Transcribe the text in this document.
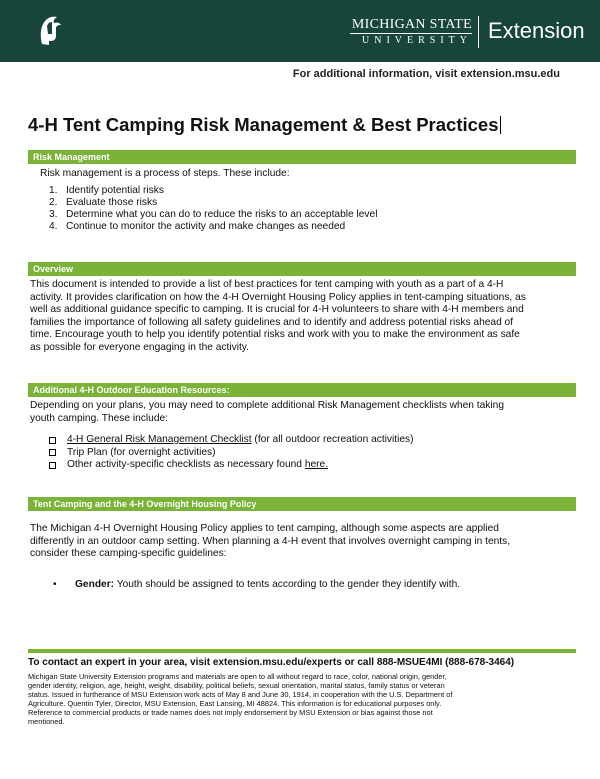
MICHIGAN STATE
UNIVERSITY Extension
For additional information, visit extension.msu.edu
4-H Tent Camping Risk Management & Best Practices
Risk Management
Risk management is a process of steps. These include:
1. Identify potential risks
2. Evaluate those risks
3. Determine what you can do to reduce the risks to an acceptable level
4. Continue to monitor the activity and make changes as needed
Overview
This document is intended to provide a list of best practices for tent camping with youth as a part of a 4-H
activity. It provides clarification on how the 4-H Overnight Housing Policy applies in tent-camping situations, as
well as additional guidance specific to camping. It is crucial for 4-H volunteers to share with 4-H members and
families the importance of following all safety guidelines and to identify and address potential risks ahead of
time. Encourage youth to help you identify potential risks and work with you to make the environment as safe
as possible for everyone engaging in the activity.
Additional 4-H Outdoor Education Resources:
Depending on your plans, you may need to complete additional Risk Management checklists when taking
youth camping. These include:
4-H General Risk Management Checklist (for all outdoor recreation activities)
Trip Plan (for overnight activities)
Other activity-specific checklists as necessary found here.
Tent Camping and the 4-H Overnight Housing Policy
The Michigan 4-H Overnight Housing Policy applies to tent camping, although some aspects are applied
differently in an outdoor camp setting. When planning a 4-H event that involves overnight camping in tents,
consider these camping-specific guidelines:
•	Gender: Youth should be assigned to tents according to the gender they identify with.
To contact an expert in your area, visit extension.msu.edu/experts or call 888-MSUE4MI (888-678-3464)
Michigan State University Extension programs and materials are open to all without regard to race, color, national origin, gender,
gender identity, religion, age, height, weight, disability, political beliefs, sexual orientation, marital status, family status or veteran
status. Issued in furtherance of MSU Extension work acts of May 8 and June 30, 1914, in cooperation with the U.S. Department of
Agriculture. Quentin Tyler, Director, MSU Extension, East Lansing, MI 48824. This information is for educational purposes only.
Reference to commercial products or trade names does not imply endorsement by MSU Extension or bias against those not
mentioned.
